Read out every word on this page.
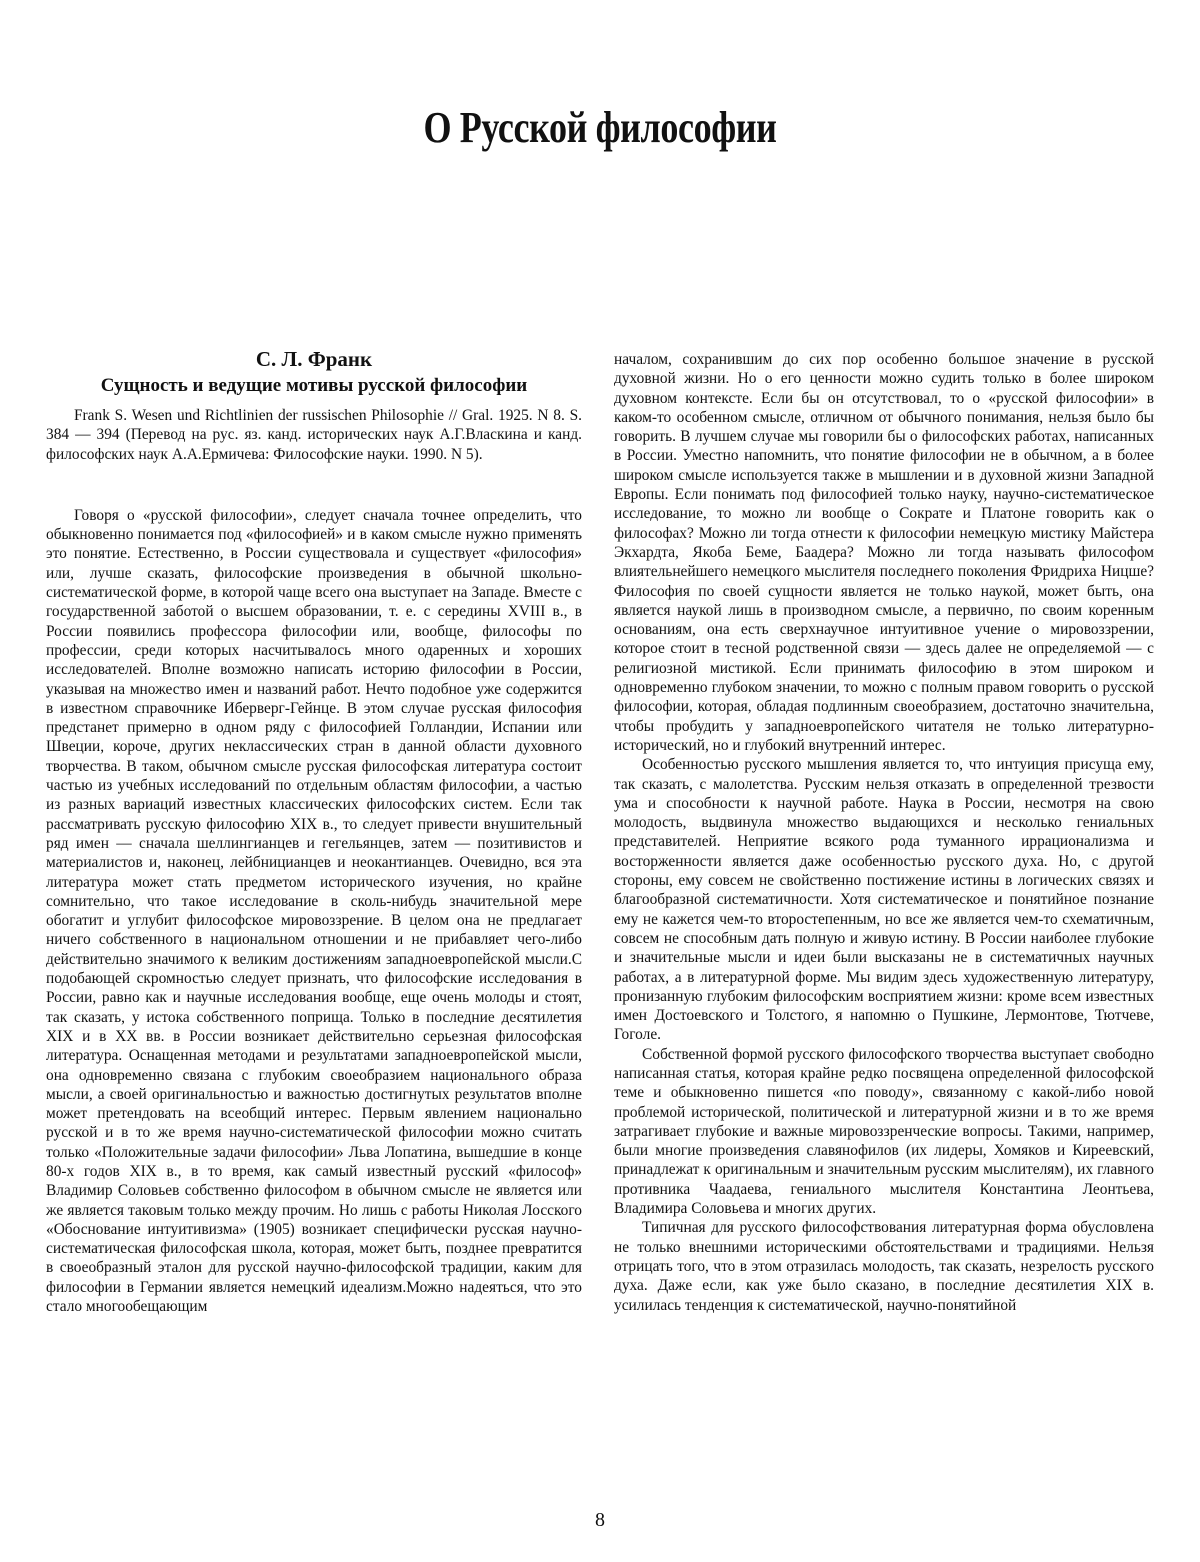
О Русской философии

С. Л. Франк

Сущность и ведущие мотивы русской философии

Frank S. Wesen und Richtlinien der russischen Philosophie // Gral. 1925. N 8. S. 384 — 394 (Перевод на рус. яз. канд. исторических наук А.Г.Власкина и канд. философских наук А.А.Ермичева: Философские науки. 1990. N 5).

Говоря о «русской философии», следует сначала точнее определить, что обыкновенно понимается под «философией» и в каком смысле нужно применять это понятие. Естественно, в России существовала и существует «философия» или, лучше сказать, философские произведения в обычной школьно-систематической форме, в которой чаще всего она выступает на Западе. Вместе с государственной заботой о высшем образовании, т. е. с середины XVIII в., в России появились профессора философии или, вообще, философы по профессии, среди которых насчитывалось много одаренных и хороших исследователей. Вполне возможно написать историю философии в России, указывая на множество имен и названий работ. Нечто подобное уже содержится в известном справочнике Иберверг-Гейнце. В этом случае русская философия предстанет примерно в одном ряду с философией Голландии, Испании или Швеции, короче, других неклассических стран в данной области духовного творчества. В таком, обычном смысле русская философская литература состоит частью из учебных исследований по отдельным областям философии, а частью из разных вариаций известных классических философских систем. Если так рассматривать русскую философию XIX в., то следует привести внушительный ряд имен — сначала шеллингианцев и гегельянцев, затем — позитивистов и материалистов и, наконец, лейбницианцев и неокантианцев. Очевидно, вся эта литература может стать предметом исторического изучения, но крайне сомнительно, что такое исследование в сколь-нибудь значительной мере обогатит и углубит философское мировоззрение. В целом она не предлагает ничего собственного в национальном отношении и не прибавляет чего-либо действительно значимого к великим достижениям западноевропейской мысли.С подобающей скромностью следует признать, что философские исследования в России, равно как и научные исследования вообще, еще очень молоды и стоят, так сказать, у истока собственного поприща. Только в последние десятилетия XIX и в XX вв. в России возникает действительно серьезная философская литература. Оснащенная методами и результатами западноевропейской мысли, она одновременно связана с глубоким своеобразием национального образа мысли, а своей оригинальностью и важностью достигнутых результатов вполне может претендовать на всеобщий интерес. Первым явлением национально русской и в то же время научно-систематической философии можно считать только «Положительные задачи философии» Льва Лопатина, вышедшие в конце 80-х годов XIX в., в то время, как самый известный русский «философ» Владимир Соловьев собственно философом в обычном смысле не является или же является таковым только между прочим. Но лишь с работы Николая Лосского «Обоснование интуитивизма» (1905) возникает специфически русская научно-систематическая философская школа, которая, может быть, позднее превратится в своеобразный эталон для русской научно-философской традиции, каким для философии в Германии является немецкий идеализм.Можно надеяться, что это стало многообещающим

началом, сохранившим до сих пор особенно большое значение в русской духовной жизни. Но о его ценности можно судить только в более широком духовном контексте. Если бы он отсутствовал, то о «русской философии» в каком-то особенном смысле, отличном от обычного понимания, нельзя было бы говорить. В лучшем случае мы говорили бы о философских работах, написанных в России. Уместно напомнить, что понятие философии не в обычном, а в более широком смысле используется также в мышлении и в духовной жизни Западной Европы. Если понимать под философией только науку, научно-систематическое исследование, то можно ли вообще о Сократе и Платоне говорить как о философах? Можно ли тогда отнести к философии немецкую мистику Майстера Экхардта, Якоба Беме, Баадера? Можно ли тогда называть философом влиятельнейшего немецкого мыслителя последнего поколения Фридриха Ницше? Философия по своей сущности является не только наукой, может быть, она является наукой лишь в производном смысле, а первично, по своим коренным основаниям, она есть сверхнаучное интуитивное учение о мировоззрении, которое стоит в тесной родственной связи — здесь далее не определяемой — с религиозной мистикой. Если принимать философию в этом широком и одновременно глубоком значении, то можно с полным правом говорить о русской философии, которая, обладая подлинным своеобразием, достаточно значительна, чтобы пробудить у западноевропейского читателя не только литературно-исторический, но и глубокий внутренний интерес.

Особенностью русского мышления является то, что интуиция присуща ему, так сказать, с малолетства. Русским нельзя отказать в определенной трезвости ума и способности к научной работе. Наука в России, несмотря на свою молодость, выдвинула множество выдающихся и несколько гениальных представителей. Неприятие всякого рода туманного иррационализма и восторженности является даже особенностью русского духа. Но, с другой стороны, ему совсем не свойственно постижение истины в логических связях и благообразной систематичности. Хотя систематическое и понятийное познание ему не кажется чем-то второстепенным, но все же является чем-то схематичным, совсем не способным дать полную и живую истину. В России наиболее глубокие и значительные мысли и идеи были высказаны не в систематичных научных работах, а в литературной форме. Мы видим здесь художественную литературу, пронизанную глубоким философским восприятием жизни: кроме всем известных имен Достоевского и Толстого, я напомню о Пушкине, Лермонтове, Тютчеве, Гоголе.

Собственной формой русского философского творчества выступает свободно написанная статья, которая крайне редко посвящена определенной философской теме и обыкновенно пишется «по поводу», связанному с какой-либо новой проблемой исторической, политической и литературной жизни и в то же время затрагивает глубокие и важные мировоззренческие вопросы. Такими, например, были многие произведения славянофилов (их лидеры, Хомяков и Киреевский, принадлежат к оригинальным и значительным русским мыслителям), их главного противника Чаадаева, гениального мыслителя Константина Леонтьева, Владимира Соловьева и многих других.

Типичная для русского философствования литературная форма обусловлена не только внешними историческими обстоятельствами и традициями. Нельзя отрицать того, что в этом отразилась молодость, так сказать, незрелость русского духа. Даже если, как уже было сказано, в последние десятилетия XIX в. усилилась тенденция к систематической, научно-понятийной

8
